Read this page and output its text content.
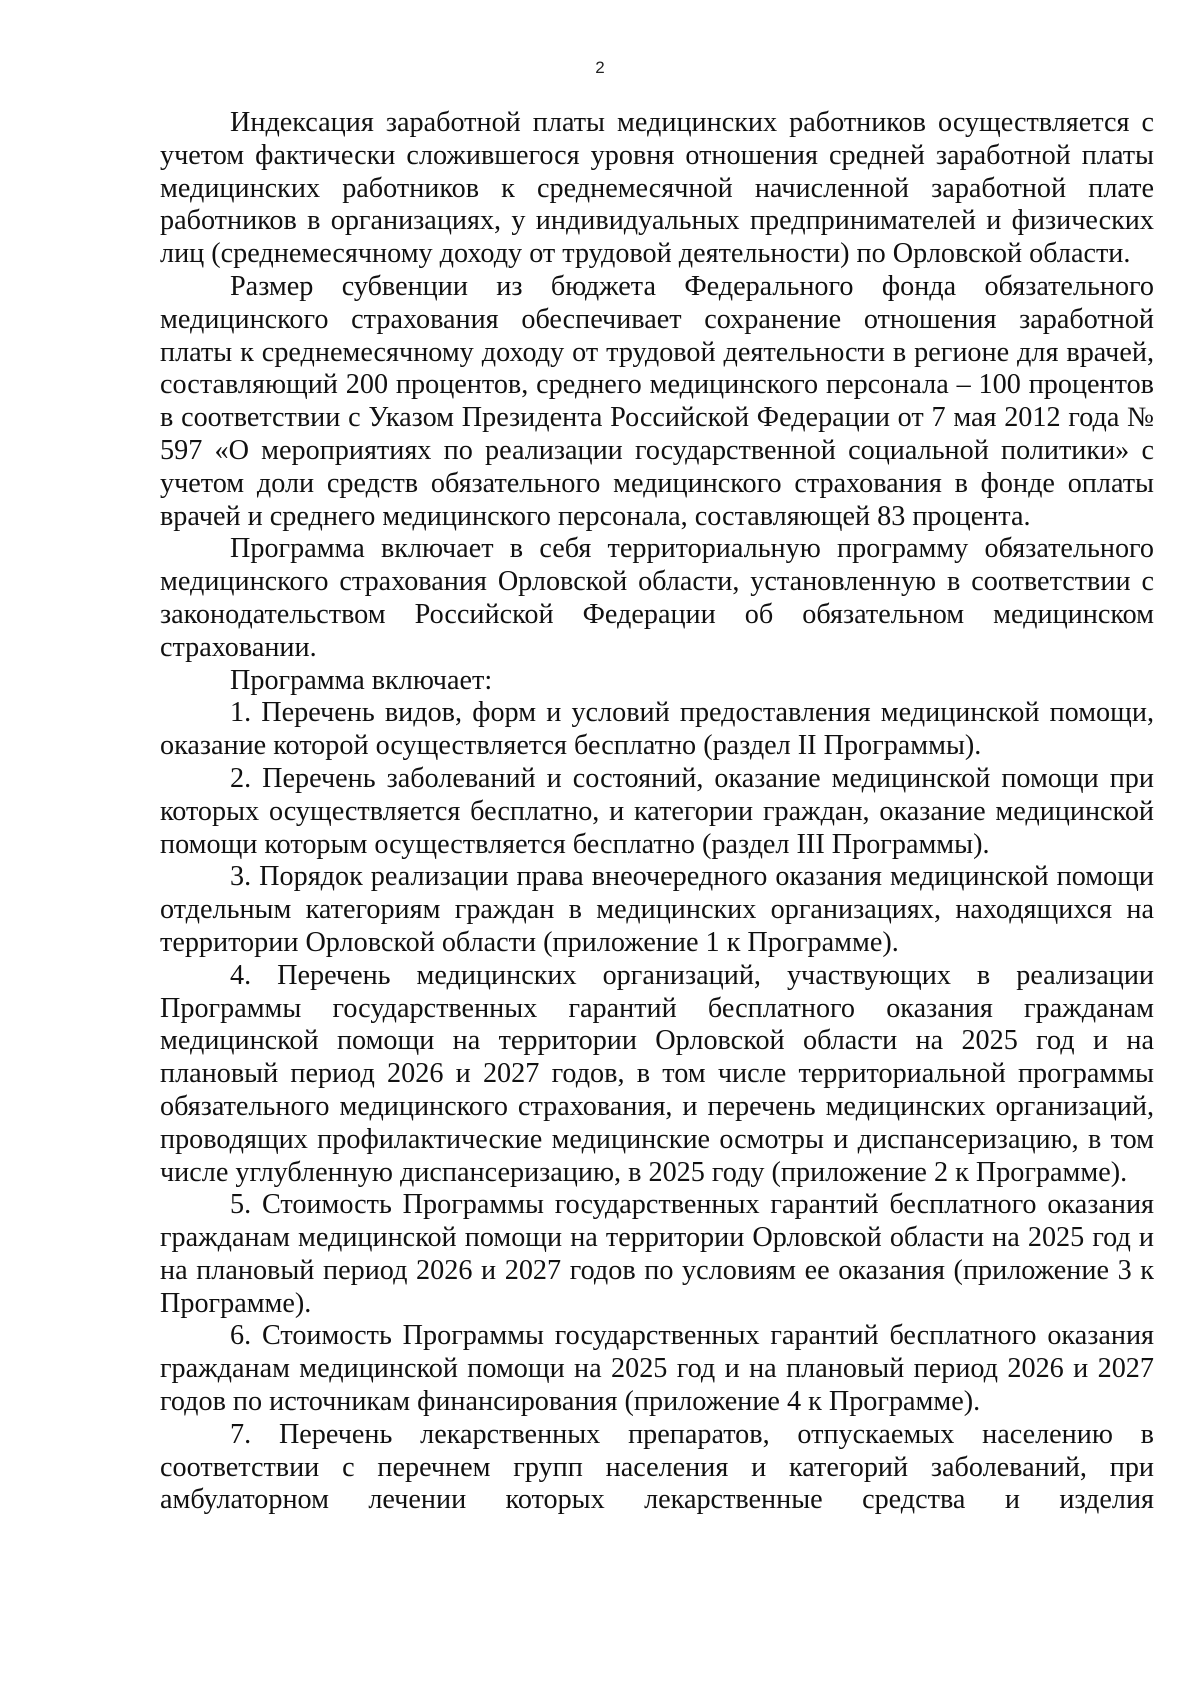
2

Индексация заработной платы медицинских работников осуществляется с учетом фактически сложившегося уровня отношения средней заработной платы медицинских работников к среднемесячной начисленной заработной плате работников в организациях, у индивидуальных предпринимателей и физических лиц (среднемесячному доходу от трудовой деятельности) по Орловской области.

Размер субвенции из бюджета Федерального фонда обязательного медицинского страхования обеспечивает сохранение отношения заработной платы к среднемесячному доходу от трудовой деятельности в регионе для врачей, составляющий 200 процентов, среднего медицинского персонала – 100 процентов в соответствии с Указом Президента Российской Федерации от 7 мая 2012 года № 597 «О мероприятиях по реализации государственной социальной политики» с учетом доли средств обязательного медицинского страхования в фонде оплаты врачей и среднего медицинского персонала, составляющей 83 процента.

Программа включает в себя территориальную программу обязательного медицинского страхования Орловской области, установленную в соответствии с законодательством Российской Федерации об обязательном медицинском страховании.

Программа включает:

1. Перечень видов, форм и условий предоставления медицинской помощи, оказание которой осуществляется бесплатно (раздел II Программы).

2. Перечень заболеваний и состояний, оказание медицинской помощи при которых осуществляется бесплатно, и категории граждан, оказание медицинской помощи которым осуществляется бесплатно (раздел III Программы).

3. Порядок реализации права внеочередного оказания медицинской помощи отдельным категориям граждан в медицинских организациях, находящихся на территории Орловской области (приложение 1 к Программе).

4. Перечень медицинских организаций, участвующих в реализации Программы государственных гарантий бесплатного оказания гражданам медицинской помощи на территории Орловской области на 2025 год и на плановый период 2026 и 2027 годов, в том числе территориальной программы обязательного медицинского страхования, и перечень медицинских организаций, проводящих профилактические медицинские осмотры и диспансеризацию, в том числе углубленную диспансеризацию, в 2025 году (приложение 2 к Программе).

5. Стоимость Программы государственных гарантий бесплатного оказания гражданам медицинской помощи на территории Орловской области на 2025 год и на плановый период 2026 и 2027 годов по условиям ее оказания (приложение 3 к Программе).

6. Стоимость Программы государственных гарантий бесплатного оказания гражданам медицинской помощи на 2025 год и на плановый период 2026 и 2027 годов по источникам финансирования (приложение 4 к Программе).

7. Перечень лекарственных препаратов, отпускаемых населению в соответствии с перечнем групп населения и категорий заболеваний, при амбулаторном лечении которых лекарственные средства и изделия
